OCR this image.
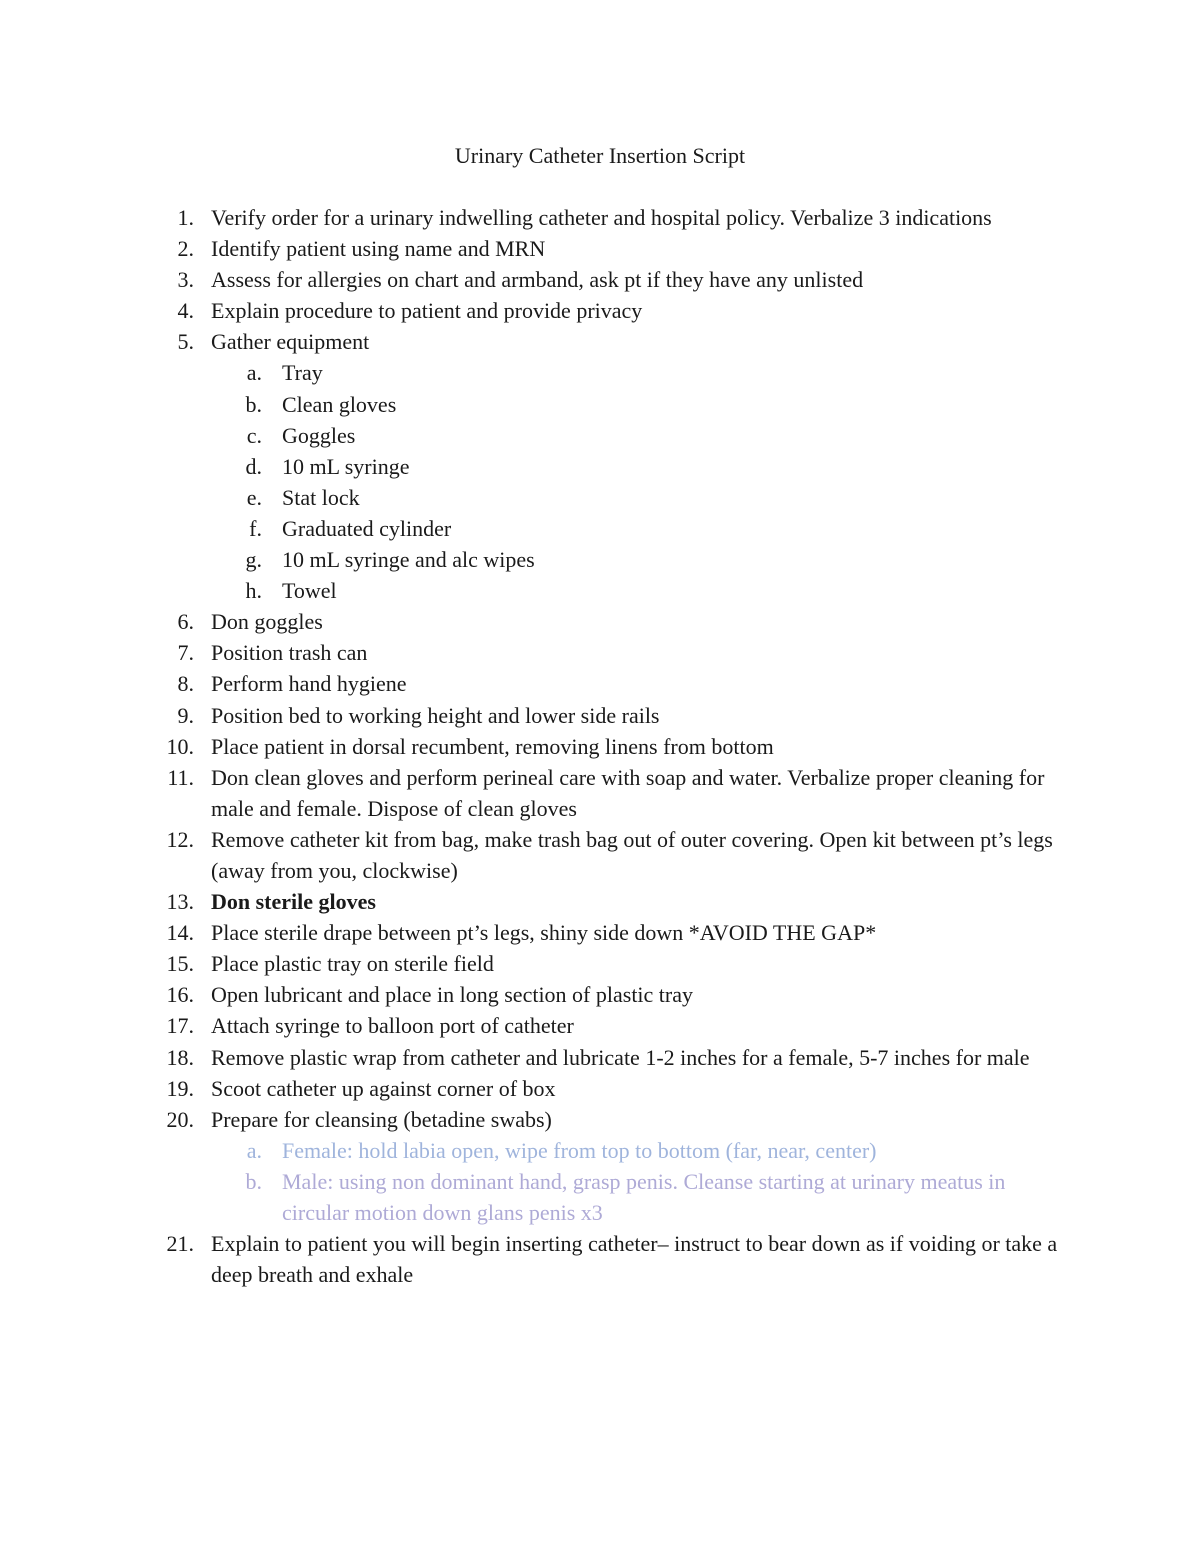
Urinary Catheter Insertion Script
1. Verify order for a urinary indwelling catheter and hospital policy. Verbalize 3 indications
2. Identify patient using name and MRN
3. Assess for allergies on chart and armband, ask pt if they have any unlisted
4. Explain procedure to patient and provide privacy
5. Gather equipment
a. Tray
b. Clean gloves
c. Goggles
d. 10 mL syringe
e. Stat lock
f. Graduated cylinder
g. 10 mL syringe and alc wipes
h. Towel
6. Don goggles
7. Position trash can
8. Perform hand hygiene
9. Position bed to working height and lower side rails
10. Place patient in dorsal recumbent, removing linens from bottom
11. Don clean gloves and perform perineal care with soap and water. Verbalize proper cleaning for male and female. Dispose of clean gloves
12. Remove catheter kit from bag, make trash bag out of outer covering. Open kit between pt’s legs (away from you, clockwise)
13. Don sterile gloves
14. Place sterile drape between pt’s legs, shiny side down *AVOID THE GAP*
15. Place plastic tray on sterile field
16. Open lubricant and place in long section of plastic tray
17. Attach syringe to balloon port of catheter
18. Remove plastic wrap from catheter and lubricate 1-2 inches for a female, 5-7 inches for male
19. Scoot catheter up against corner of box
20. Prepare for cleansing (betadine swabs)
a. Female: hold labia open, wipe from top to bottom (far, near, center)
b. Male: using non dominant hand, grasp penis. Cleanse starting at urinary meatus in circular motion down glans penis x3
21. Explain to patient you will begin inserting catheter– instruct to bear down as if voiding or take a deep breath and exhale
